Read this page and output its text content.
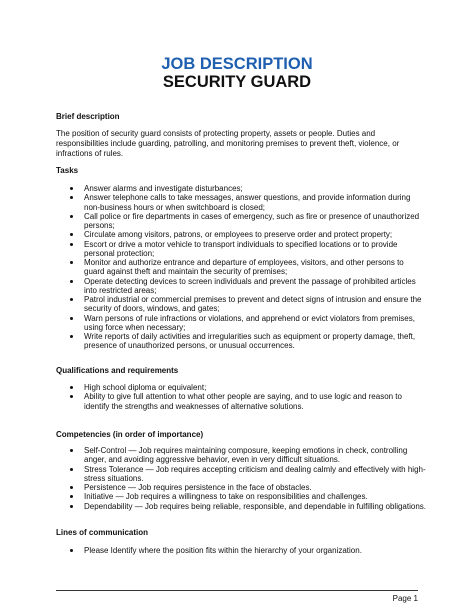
JOB DESCRIPTION
SECURITY GUARD
Brief description
The position of security guard consists of protecting property, assets or people. Duties and responsibilities include guarding, patrolling, and monitoring premises to prevent theft, violence, or infractions of rules.
Tasks
Answer alarms and investigate disturbances;
Answer telephone calls to take messages, answer questions, and provide information during non-business hours or when switchboard is closed;
Call police or fire departments in cases of emergency, such as fire or presence of unauthorized persons;
Circulate among visitors, patrons, or employees to preserve order and protect property;
Escort or drive a motor vehicle to transport individuals to specified locations or to provide personal protection;
Monitor and authorize entrance and departure of employees, visitors, and other persons to guard against theft and maintain the security of premises;
Operate detecting devices to screen individuals and prevent the passage of prohibited articles into restricted areas;
Patrol industrial or commercial premises to prevent and detect signs of intrusion and ensure the security of doors, windows, and gates;
Warn persons of rule infractions or violations, and apprehend or evict violators from premises, using force when necessary;
Write reports of daily activities and irregularities such as equipment or property damage, theft, presence of unauthorized persons, or unusual occurrences.
Qualifications and requirements
High school diploma or equivalent;
Ability to give full attention to what other people are saying, and to use logic and reason to identify the strengths and weaknesses of alternative solutions.
Competencies (in order of importance)
Self-Control — Job requires maintaining composure, keeping emotions in check, controlling anger, and avoiding aggressive behavior, even in very difficult situations.
Stress Tolerance — Job requires accepting criticism and dealing calmly and effectively with high-stress situations.
Persistence — Job requires persistence in the face of obstacles.
Initiative — Job requires a willingness to take on responsibilities and challenges.
Dependability — Job requires being reliable, responsible, and dependable in fulfilling obligations.
Lines of communication
Please Identify where the position fits within the hierarchy of your organization.
Page 1
